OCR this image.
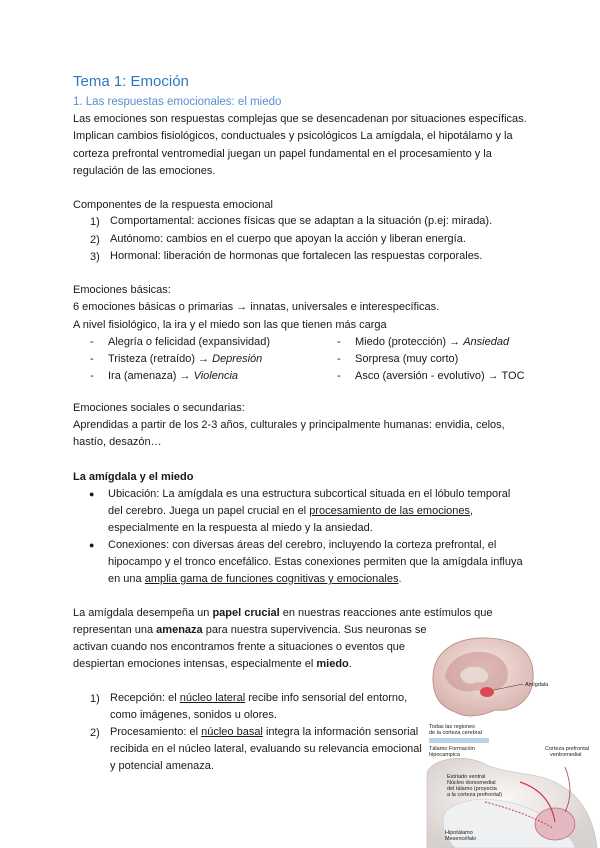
Tema 1: Emoción
1. Las respuestas emocionales: el miedo
Las emociones son respuestas complejas que se desencadenan por situaciones específicas.
Implican cambios fisiológicos, conductuales y psicológicos La amígdala, el hipotálamo y la
corteza prefrontal ventromedial juegan un papel fundamental en el procesamiento y la
regulación de las emociones.
Componentes de la respuesta emocional
1) Comportamental: acciones físicas que se adaptan a la situación (p.ej: mirada).
2) Autónomo: cambios en el cuerpo que apoyan la acción y liberan energía.
3) Hormonal: liberación de hormonas que fortalecen las respuestas corporales.
Emociones básicas:
6 emociones básicas o primarias → innatas, universales e interespecíficas.
A nivel fisiológico, la ira y el miedo son las que tienen más carga
- Alegría o felicidad (expansividad)
- Tristeza (retraído) → Depresión
- Ira (amenaza) → Violencia
- Miedo (protección) → Ansiedad
- Sorpresa (muy corto)
- Asco (aversión - evolutivo) → TOC
Emociones sociales o secundarias:
Aprendidas a partir de los 2-3 años, culturales y principalmente humanas: envidia, celos,
hastío, desazón…
La amígdala y el miedo
● Ubicación: La amígdala es una estructura subcortical situada en el lóbulo temporal
del cerebro. Juega un papel crucial en el procesamiento de las emociones,
especialmente en la respuesta al miedo y la ansiedad.
● Conexiones: con diversas áreas del cerebro, incluyendo la corteza prefrontal, el
hipocampo y el tronco encefálico. Estas conexiones permiten que la amígdala influya
en una amplia gama de funciones cognitivas y emocionales.
La amígdala desempeña un papel crucial en nuestras reacciones ante estímulos que
representan una amenaza para nuestra supervivencia. Sus neuronas se
activan cuando nos encontramos frente a situaciones o eventos que
despiertan emociones intensas, especialmente el miedo.
1) Recepción: el núcleo lateral recibe info sensorial del entorno,
como imágenes, sonidos u olores.
2) Procesamiento: el núcleo basal integra la información sensorial
recibida en el núcleo lateral, evaluando su relevancia emocional
y potencial amenaza.
Amígdala
Todas las regiones
de la corteza cerebral
Tálamo Formación
hipocampica
Corteza prefrontal
ventromedial
Estriado ventral
Núcleo dorsomedial
del tálamo (proyecta
a la corteza prefrontal)
Hipotálamo
Mesencéfalo
